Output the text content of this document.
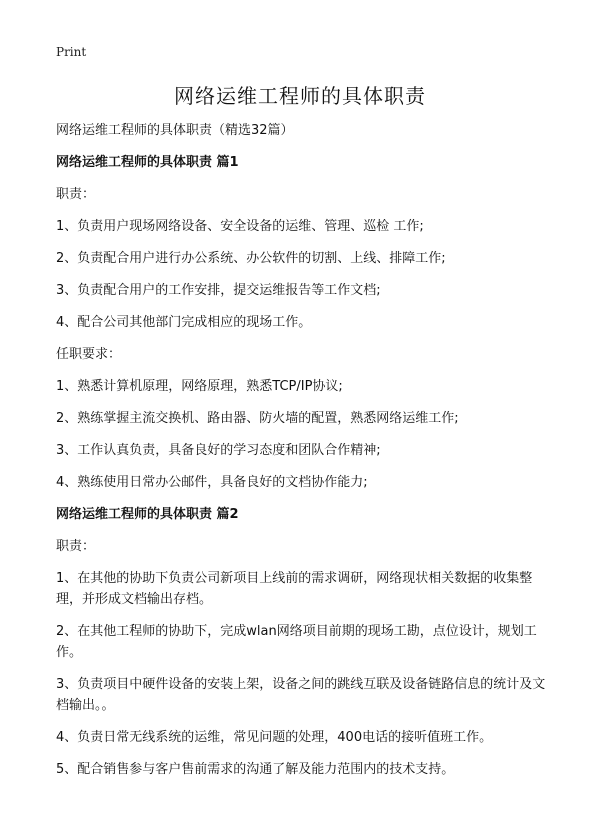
Print
网络运维工程师的具体职责

网络运维工程师的具体职责（精选32篇）

网络运维工程师的具体职责 篇1

职责：

1、负责用户现场网络设备、安全设备的运维、管理、巡检 工作;

2、负责配合用户进行办公系统、办公软件的切割、上线、排障工作;

3、负责配合用户的工作安排，提交运维报告等工作文档;

4、配合公司其他部门完成相应的现场工作。

任职要求：

1、熟悉计算机原理，网络原理，熟悉TCP/IP协议;

2、熟练掌握主流交换机、路由器、防火墙的配置，熟悉网络运维工作;

3、工作认真负责，具备良好的学习态度和团队合作精神;

4、熟练使用日常办公邮件，具备良好的文档协作能力;

网络运维工程师的具体职责 篇2

职责：

1、在其他的协助下负责公司新项目上线前的需求调研，网络现状相关数据的收集整理，并形成文档输出存档。

2、在其他工程师的协助下，完成wlan网络项目前期的现场工勘，点位设计，规划工作。

3、负责项目中硬件设备的安装上架，设备之间的跳线互联及设备链路信息的统计及文档输出。。

4、负责日常无线系统的运维，常见问题的处理，400电话的接听值班工作。

5、配合销售参与客户售前需求的沟通了解及能力范围内的技术支持。
